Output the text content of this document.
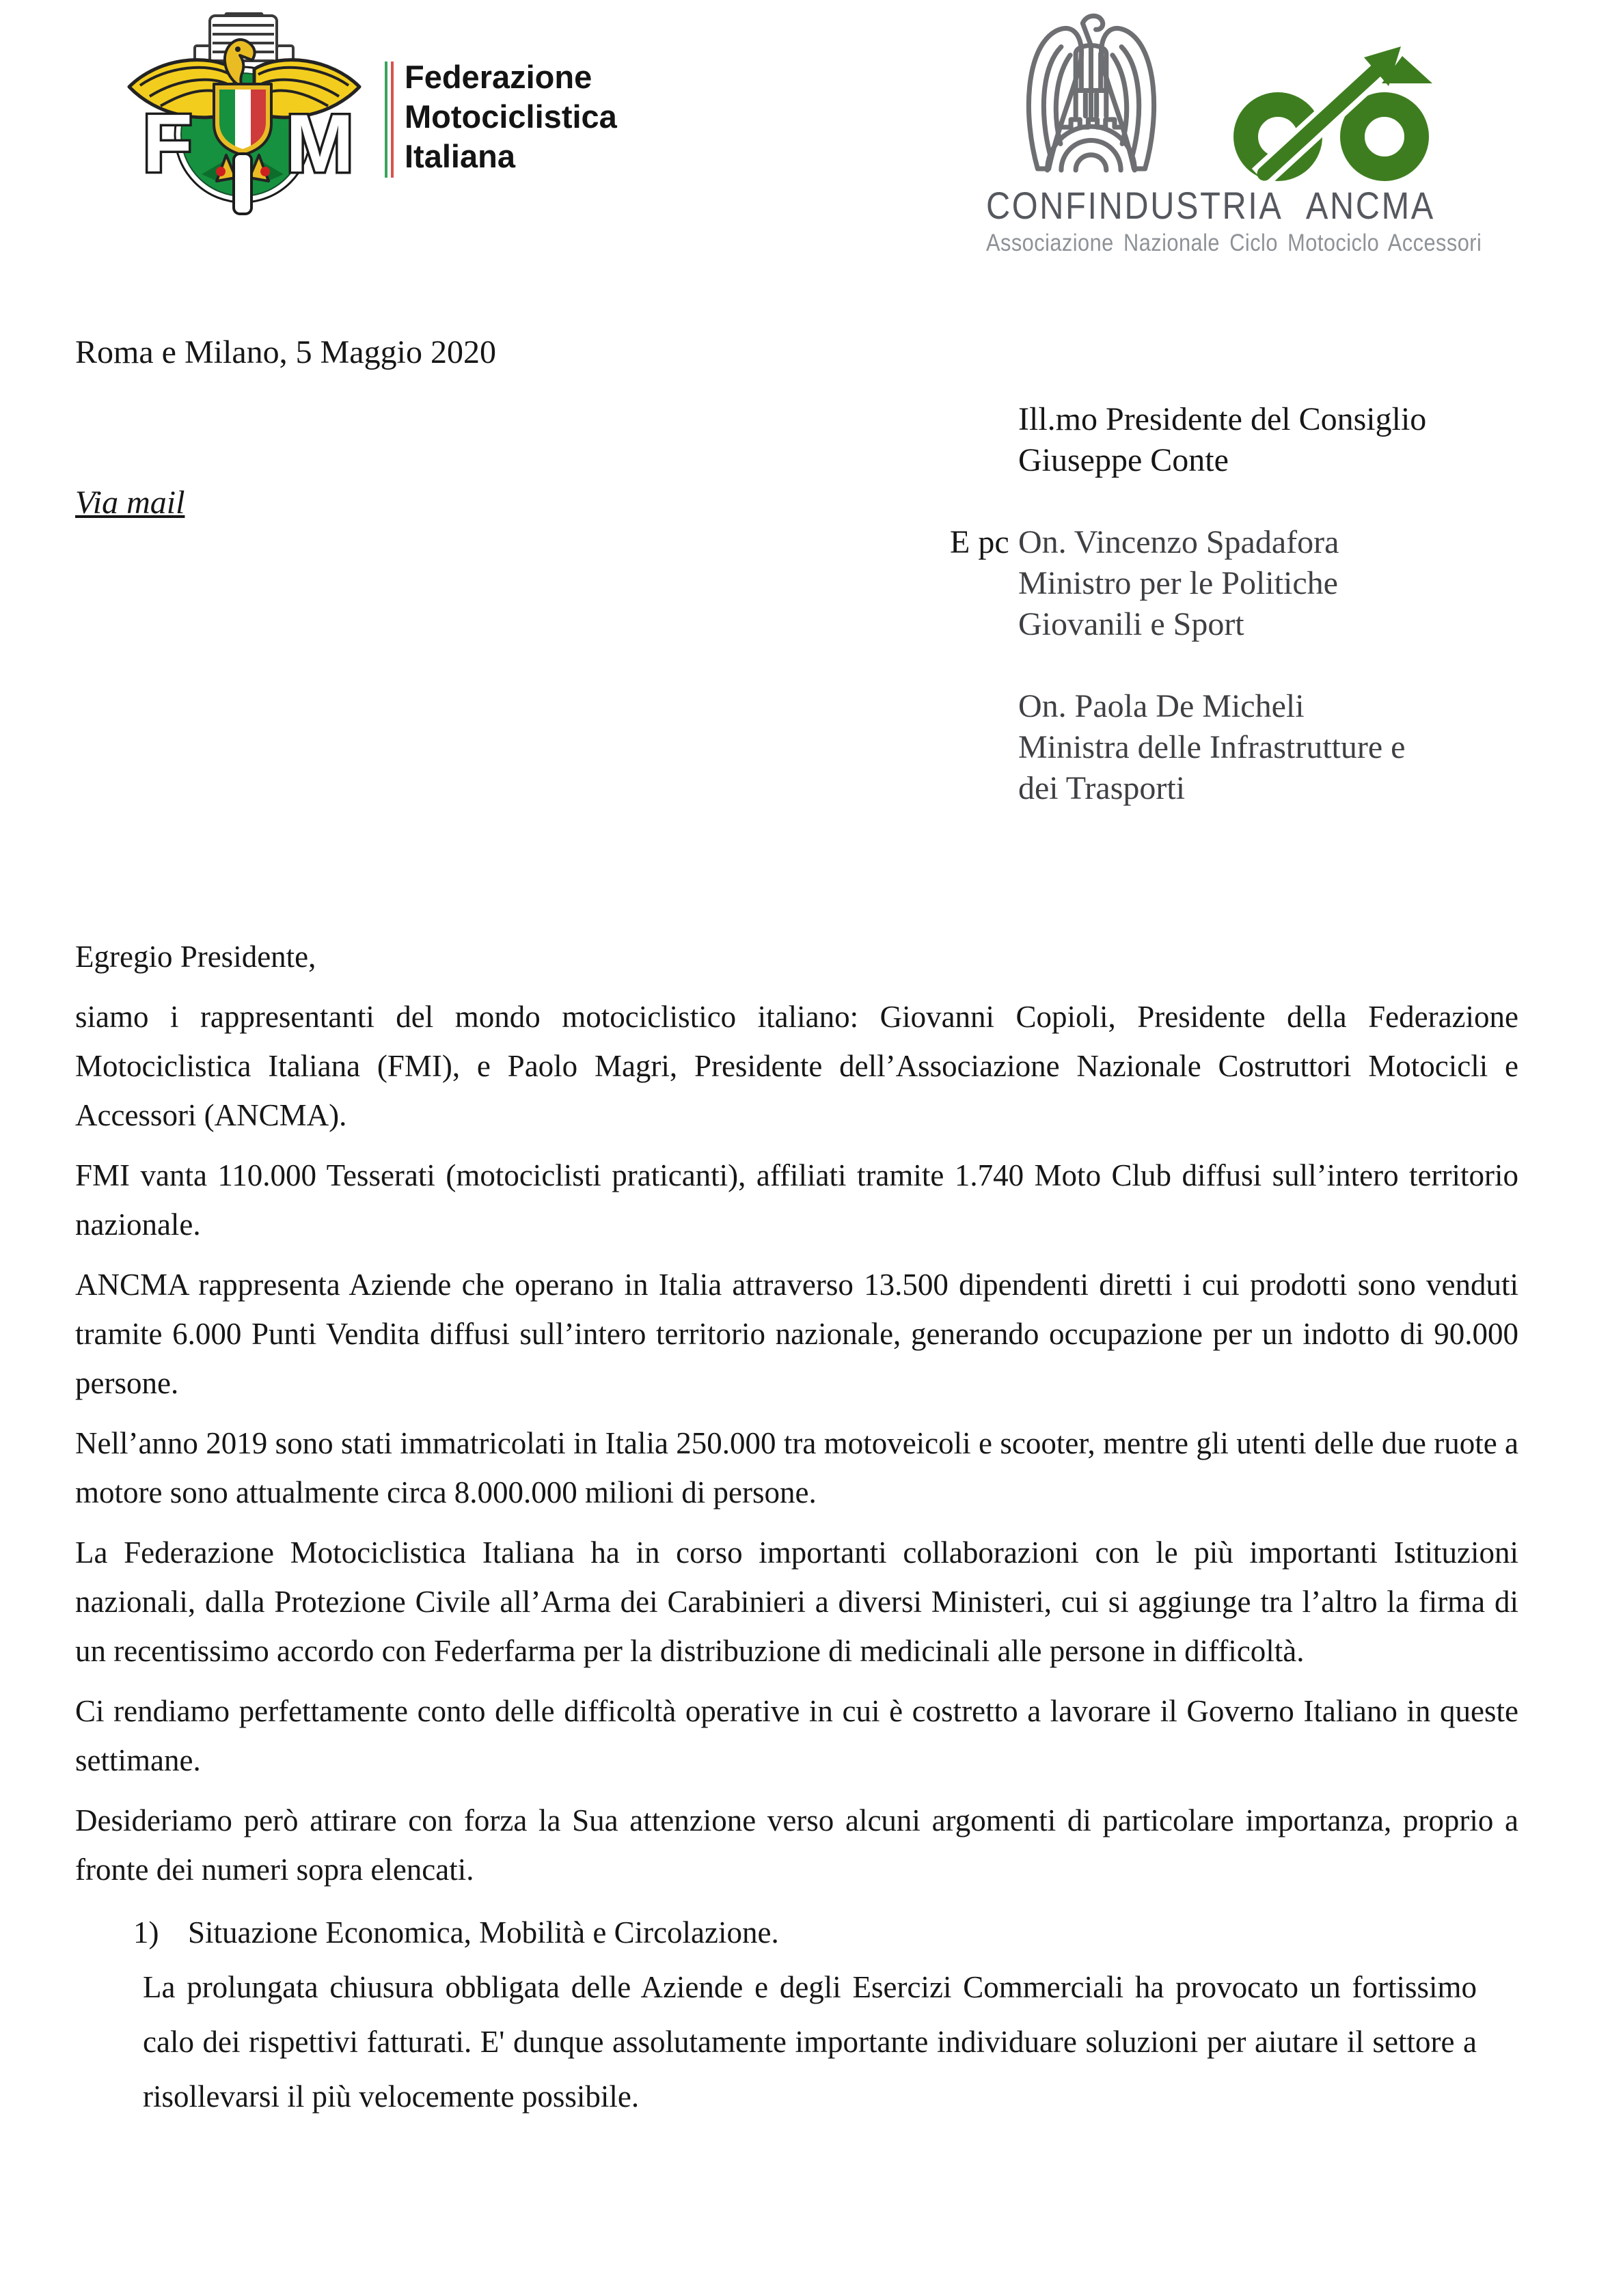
F M
Federazione
Motociclistica
Italiana
CONFINDUSTRIA ANCMA
Associazione Nazionale Ciclo Motociclo Accessori
Roma e Milano, 5 Maggio 2020
Via mail
Ill.mo Presidente del Consiglio
Giuseppe Conte
E pc On. Vincenzo Spadafora
Ministro per le Politiche
Giovanili e Sport
On. Paola De Micheli
Ministra delle Infrastrutture e
dei Trasporti

Egregio Presidente,

siamo i rappresentanti del mondo motociclistico italiano: Giovanni Copioli, Presidente della Federazione Motociclistica Italiana (FMI), e Paolo Magri, Presidente dell’Associazione Nazionale Costruttori Motocicli e Accessori (ANCMA).

FMI vanta 110.000 Tesserati (motociclisti praticanti), affiliati tramite 1.740 Moto Club diffusi sull’intero territorio nazionale.

ANCMA rappresenta Aziende che operano in Italia attraverso 13.500 dipendenti diretti i cui prodotti sono venduti tramite 6.000 Punti Vendita diffusi sull’intero territorio nazionale, generando occupazione per un indotto di 90.000 persone.

Nell’anno 2019 sono stati immatricolati in Italia 250.000 tra motoveicoli e scooter, mentre gli utenti delle due ruote a motore sono attualmente circa 8.000.000 milioni di persone.

La Federazione Motociclistica Italiana ha in corso importanti collaborazioni con le più importanti Istituzioni nazionali, dalla Protezione Civile all’Arma dei Carabinieri a diversi Ministeri, cui si aggiunge tra l’altro la firma di un recentissimo accordo con Federfarma per la distribuzione di medicinali alle persone in difficoltà.

Ci rendiamo perfettamente conto delle difficoltà operative in cui è costretto a lavorare il Governo Italiano in queste settimane.

Desideriamo però attirare con forza la Sua attenzione verso alcuni argomenti di particolare importanza, proprio a fronte dei numeri sopra elencati.

1) Situazione Economica, Mobilità e Circolazione.
La prolungata chiusura obbligata delle Aziende e degli Esercizi Commerciali ha provocato un fortissimo calo dei rispettivi fatturati. E' dunque assolutamente importante individuare soluzioni per aiutare il settore a risollevarsi il più velocemente possibile.
